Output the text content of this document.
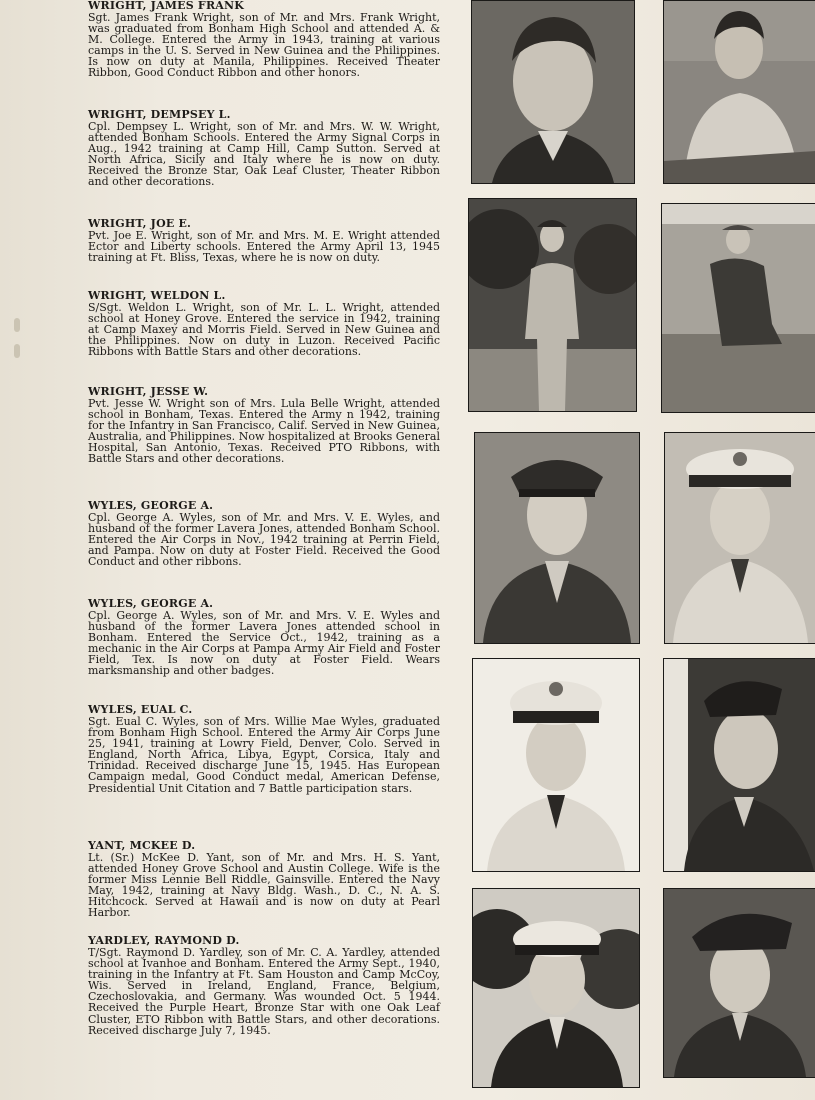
WRIGHT, JAMES FRANK

Sgt. James Frank Wright, son of Mr. and Mrs. Frank Wright, was graduated from Bonham High School and attended A. & M. College. Entered the Army in 1943, training at various camps in the U. S. Served in New Guinea and the Philippines. Is now on duty at Manila, Philippines. Received Theater Ribbon, Good Conduct Ribbon and other honors.

WRIGHT, DEMPSEY L.

Cpl. Dempsey L. Wright, son of Mr. and Mrs. W. W. Wright, attended Bonham Schools. Entered the Army Signal Corps in Aug., 1942 training at Camp Hill, Camp Sutton. Served at North Africa, Sicily and Italy where he is now on duty. Received the Bronze Star, Oak Leaf Cluster, Theater Ribbon and other decorations.

WRIGHT, JOE E.

Pvt. Joe E. Wright, son of Mr. and Mrs. M. E. Wright attended Ector and Liberty schools. Entered the Army April 13, 1945 training at Ft. Bliss, Texas, where he is now on duty.

WRIGHT, WELDON L.

S/Sgt. Weldon L. Wright, son of Mr. L. L. Wright, attended school at Honey Grove. Entered the service in 1942, training at Camp Maxey and Morris Field. Served in New Guinea and the Philippines. Now on duty in Luzon. Received Pacific Ribbons with Battle Stars and other decorations.

WRIGHT, JESSE W.

Pvt. Jesse W. Wright son of Mrs. Lula Belle Wright, attended school in Bonham, Texas. Entered the Army n 1942, training for the Infantry in San Francisco, Calif. Served in New Guinea, Australia, and Philippines. Now hospitalized at Brooks General Hospital, San Antonio, Texas. Received PTO Ribbons, with Battle Stars and other decorations.

WYLES, GEORGE A.

Cpl. George A. Wyles, son of Mr. and Mrs. V. E. Wyles, and husband of the former Lavera Jones, attended Bonham School. Entered the Air Corps in Nov., 1942 training at Perrin Field, and Pampa. Now on duty at Foster Field. Received the Good Conduct and other ribbons.

WYLES, GEORGE A.

Cpl. George A. Wyles, son of Mr. and Mrs. V. E. Wyles and husband of the former Lavera Jones attended school in Bonham. Entered the Service Oct., 1942, training as a mechanic in the Air Corps at Pampa Army Air Field and Foster Field, Tex. Is now on duty at Foster Field. Wears marksmanship and other badges.

WYLES, EUAL C.

Sgt. Eual C. Wyles, son of Mrs. Willie Mae Wyles, graduated from Bonham High School. Entered the Army Air Corps June 25, 1941, training at Lowry Field, Denver, Colo. Served in England, North Africa, Libya, Egypt, Corsica, Italy and Trinidad. Received discharge June 15, 1945. Has European Campaign medal, Good Conduct medal, American Defense, Presidential Unit Citation and 7 Battle participation stars.

YANT, MCKEE D.

Lt. (Sr.) McKee D. Yant, son of Mr. and Mrs. H. S. Yant, attended Honey Grove School and Austin College. Wife is the former Miss Lennie Bell Riddle, Gainsville. Entered the Navy May, 1942, training at Navy Bldg. Wash., D. C., N. A. S. Hitchcock. Served at Hawaii and is now on duty at Pearl Harbor.

YARDLEY, RAYMOND D.

T/Sgt. Raymond D. Yardley, son of Mr. C. A. Yardley, attended school at Ivanhoe and Bonham. Entered the Army Sept., 1940, training in the Infantry at Ft. Sam Houston and Camp McCoy, Wis. Served in Ireland, England, France, Belgium, Czechoslovakia, and Germany. Was wounded Oct. 5 1944. Received the Purple Heart, Bronze Star with one Oak Leaf Cluster, ETO Ribbon with Battle Stars, and other decorations. Received discharge July 7, 1945.
